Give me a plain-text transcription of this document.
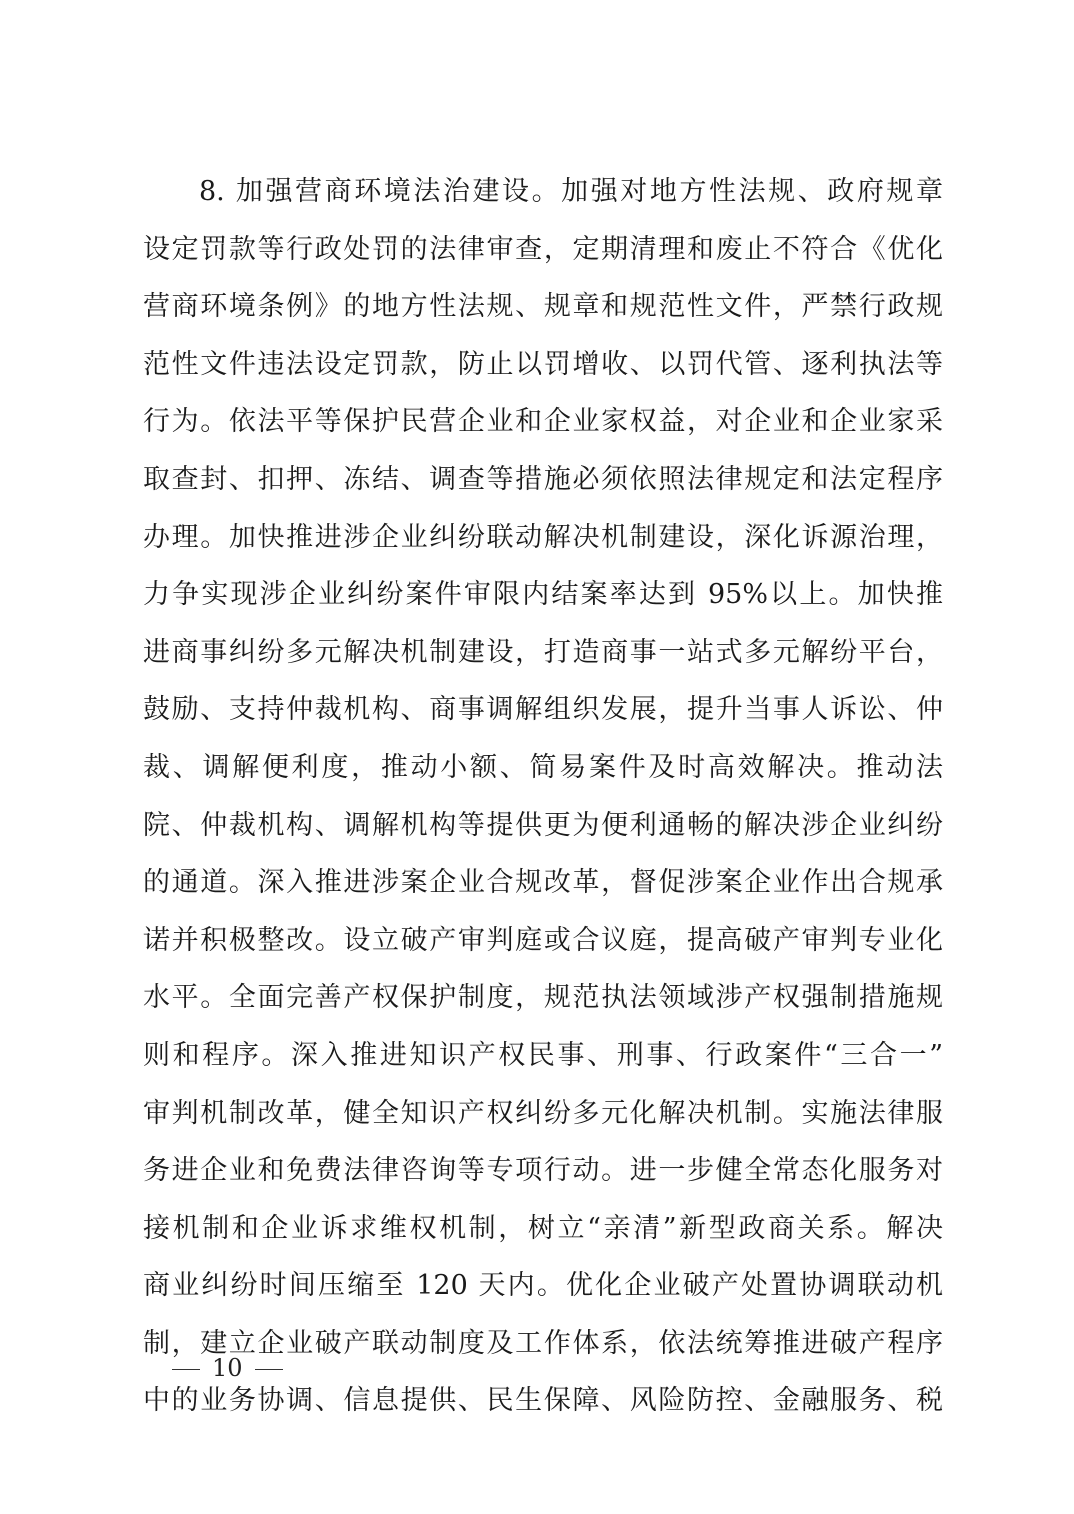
8. 加强营商环境法治建设。加强对地方性法规、政府规章
设定罚款等行政处罚的法律审查，定期清理和废止不符合《优化
营商环境条例》的地方性法规、规章和规范性文件，严禁行政规
范性文件违法设定罚款，防止以罚增收、以罚代管、逐利执法等
行为。依法平等保护民营企业和企业家权益，对企业和企业家采
取查封、扣押、冻结、调查等措施必须依照法律规定和法定程序
办理。加快推进涉企业纠纷联动解决机制建设，深化诉源治理，
力争实现涉企业纠纷案件审限内结案率达到 95%以上。加快推
进商事纠纷多元解决机制建设，打造商事一站式多元解纷平台，
鼓励、支持仲裁机构、商事调解组织发展，提升当事人诉讼、仲
裁、调解便利度，推动小额、简易案件及时高效解决。推动法
院、仲裁机构、调解机构等提供更为便利通畅的解决涉企业纠纷
的通道。深入推进涉案企业合规改革，督促涉案企业作出合规承
诺并积极整改。设立破产审判庭或合议庭，提高破产审判专业化
水平。全面完善产权保护制度，规范执法领域涉产权强制措施规
则和程序。深入推进知识产权民事、刑事、行政案件“三合一”
审判机制改革，健全知识产权纠纷多元化解决机制。实施法律服
务进企业和免费法律咨询等专项行动。进一步健全常态化服务对
接机制和企业诉求维权机制，树立“亲清”新型政商关系。解决
商业纠纷时间压缩至 120 天内。优化企业破产处置协调联动机
制，建立企业破产联动制度及工作体系，依法统筹推进破产程序
中的业务协调、信息提供、民生保障、风险防控、金融服务、税
10
